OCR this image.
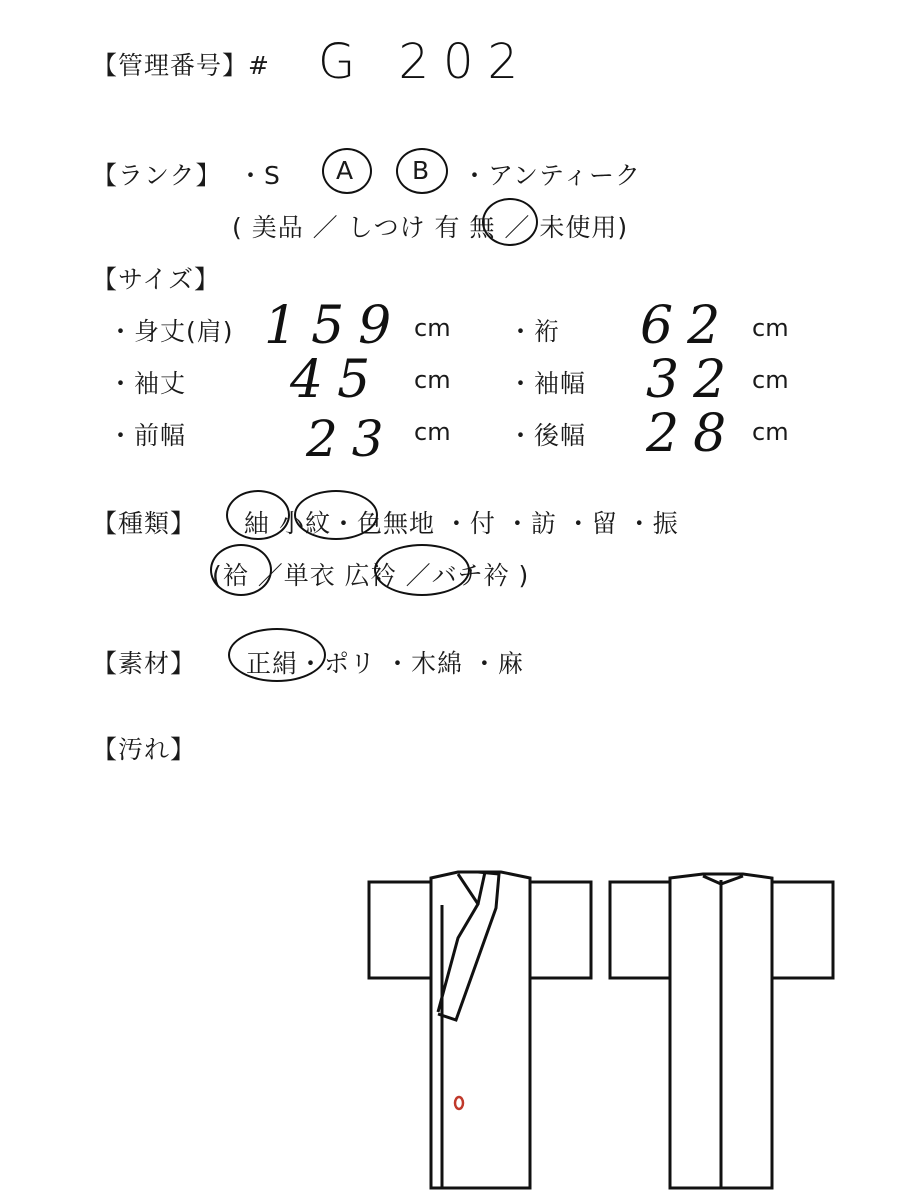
【管理番号】# G 202
【ランク】 ・S A B ・アンティーク
( 美品 ／ しつけ 有 無 ／ 未使用)
【サイズ】
・身丈(肩) 159 cm ・裄 62 cm
・袖丈 45 cm ・袖幅 32 cm
・前幅 23 cm ・後幅 28 cm
【種類】 紬 小紋・色無地 ・付 ・訪 ・留 ・振
(袷 ／単衣 広衿 ／バチ衿 )
【素材】 正絹・ポリ ・木綿 ・麻
【汚れ】
